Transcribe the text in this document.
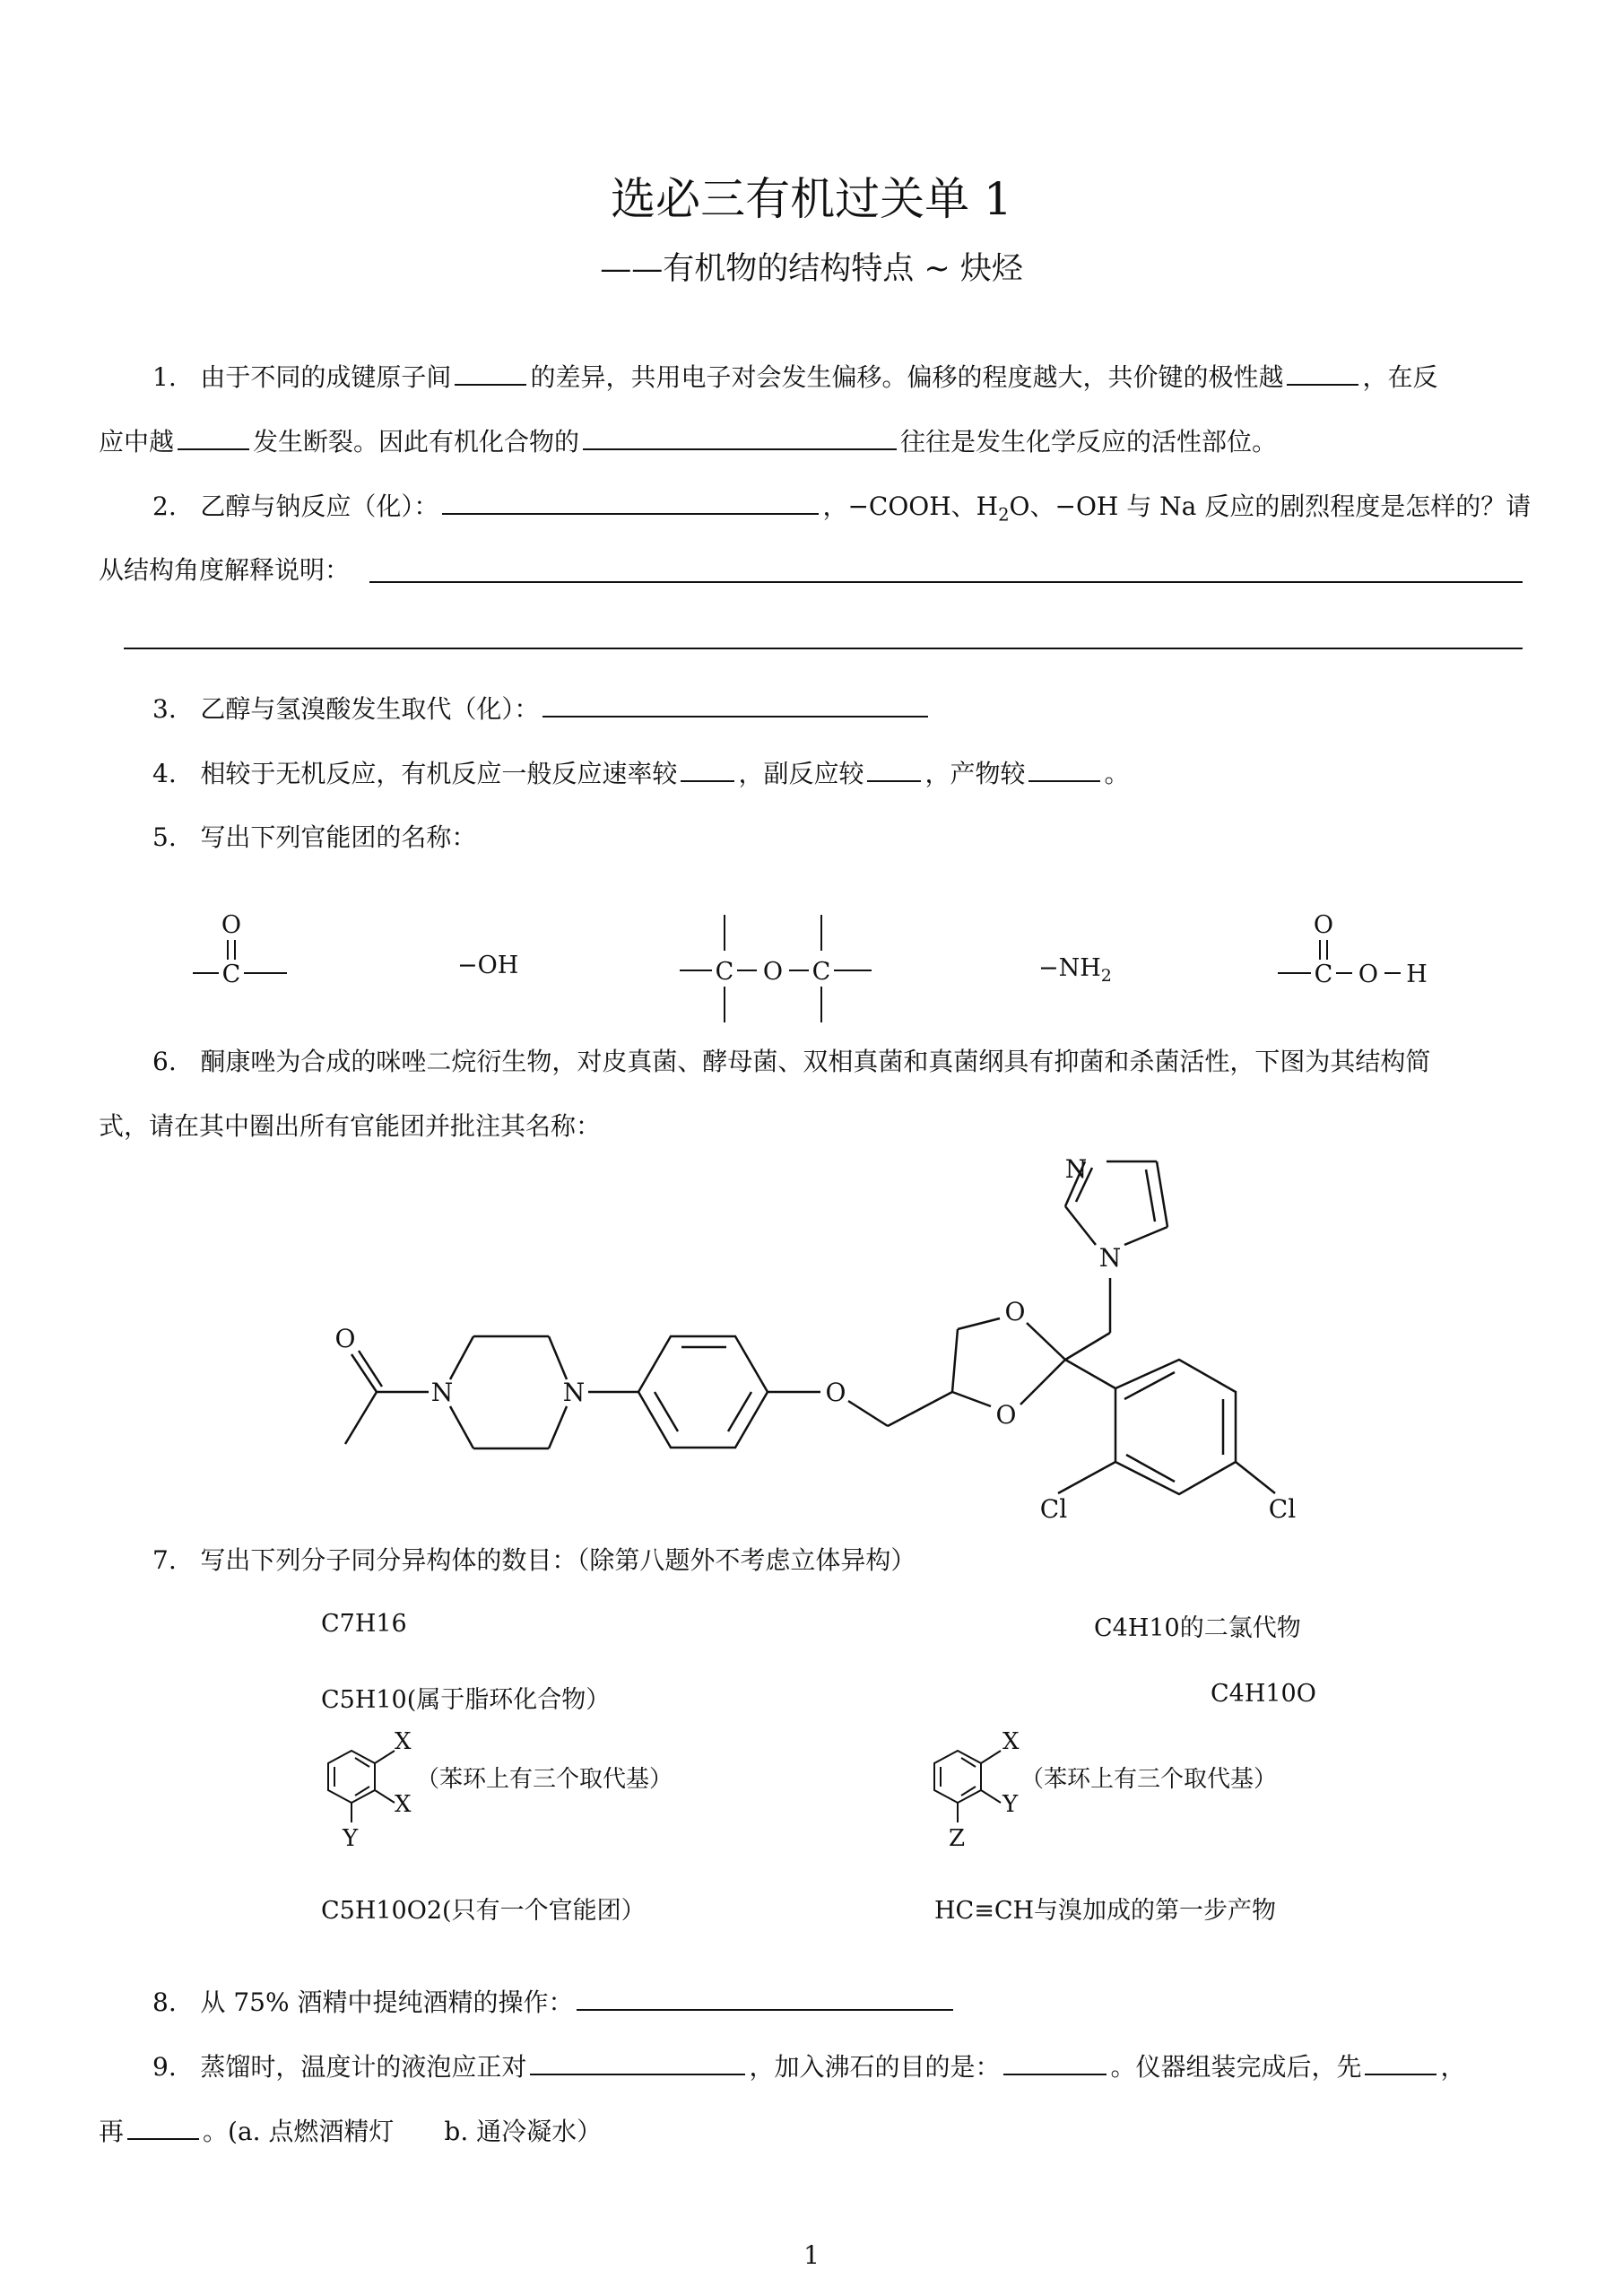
选必三有机过关单 1
——有机物的结构特点 ~ 炔烃
1. 由于不同的成键原子间	的差异，共用电子对会发生偏移。偏移的程度越大，共价键的极性越	，在反
应中越	发生断裂。因此有机化合物的	往往是发生化学反应的活性部位。
2. 乙醇与钠反应（化）：	，−COOH、$H_2O$、−OH 与 Na 反应的剧烈程度是怎样的？请
从结构角度解释说明：
3. 乙醇与氢溴酸发生取代（化）：
4. 相较于无机反应，有机反应一般反应速率较 ，副反应较 ，产物较	。
5. 写出下列官能团的名称：
O
C	−OH	C O C	$-NH_2$
O
C O H
6. 酮康唑为合成的咪唑二烷衍生物，对皮真菌、酵母菌、双相真菌和真菌纲具有抑菌和杀菌活性，下图为其结构简
式，请在其中圈出所有官能团并批注其名称：
O
N	N	O
O
O
N
N
Cl	Cl
7. 写出下列分子同分异构体的数目：（除第八题外不考虑立体异构）
C7H16	C4H10的二氯代物
C5H10(属于脂环化合物）	C4H10O
X
X
Y
（苯环上有三个取代基）
X
Y
Z
（苯环上有三个取代基）
C5H10O2(只有一个官能团）	HC≡CH与溴加成的第一步产物
8. 从 75% 酒精中提纯酒精的操作：
9. 蒸馏时，温度计的液泡应正对	，加入沸石的目的是：	。仪器组装完成后，先	，
再	。(a. 点燃酒精灯　　b. 通冷凝水）
1
